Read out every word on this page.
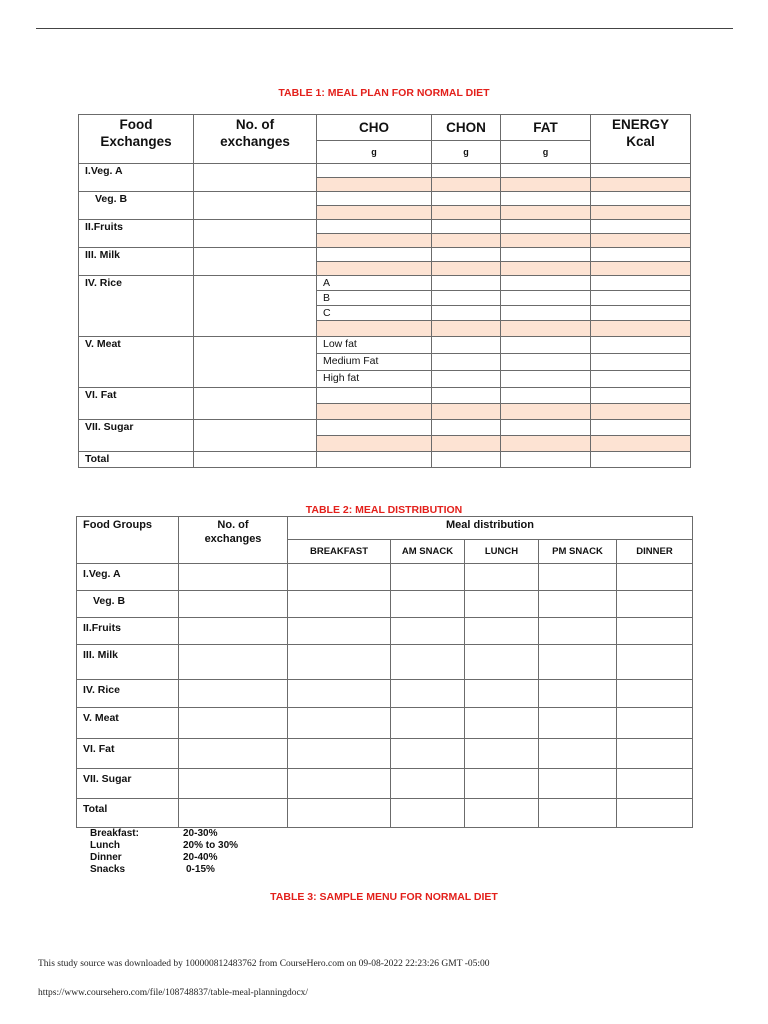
TABLE 1: MEAL PLAN FOR NORMAL DIET
Food Exchanges	No. of exchanges	CHO	CHON	FAT	ENERGY Kcal
		g	g	g	
I.Veg. A					

Veg. B					

II.Fruits					

III. Milk					

IV. Rice		A			
		B			
		C			

V. Meat		Low fat			
		Medium Fat			
		High fat			
VI. Fat					

VII. Sugar					

Total					
TABLE 2: MEAL DISTRIBUTION
Food Groups	No. of exchanges	Meal distribution				
		BREAKFAST	AM SNACK	LUNCH	PM SNACK	DINNER
I.Veg. A						
Veg. B						
II.Fruits						
III. Milk						
IV. Rice						
V. Meat						
VI. Fat						
VII. Sugar						
Total						
Breakfast:	20-30%
Lunch	20% to 30%
Dinner	20-40%
Snacks	0-15%
TABLE 3: SAMPLE MENU FOR NORMAL DIET
This study source was downloaded by 100000812483762 from CourseHero.com on 09-08-2022 22:23:26 GMT -05:00
https://www.coursehero.com/file/108748837/table-meal-planningdocx/
